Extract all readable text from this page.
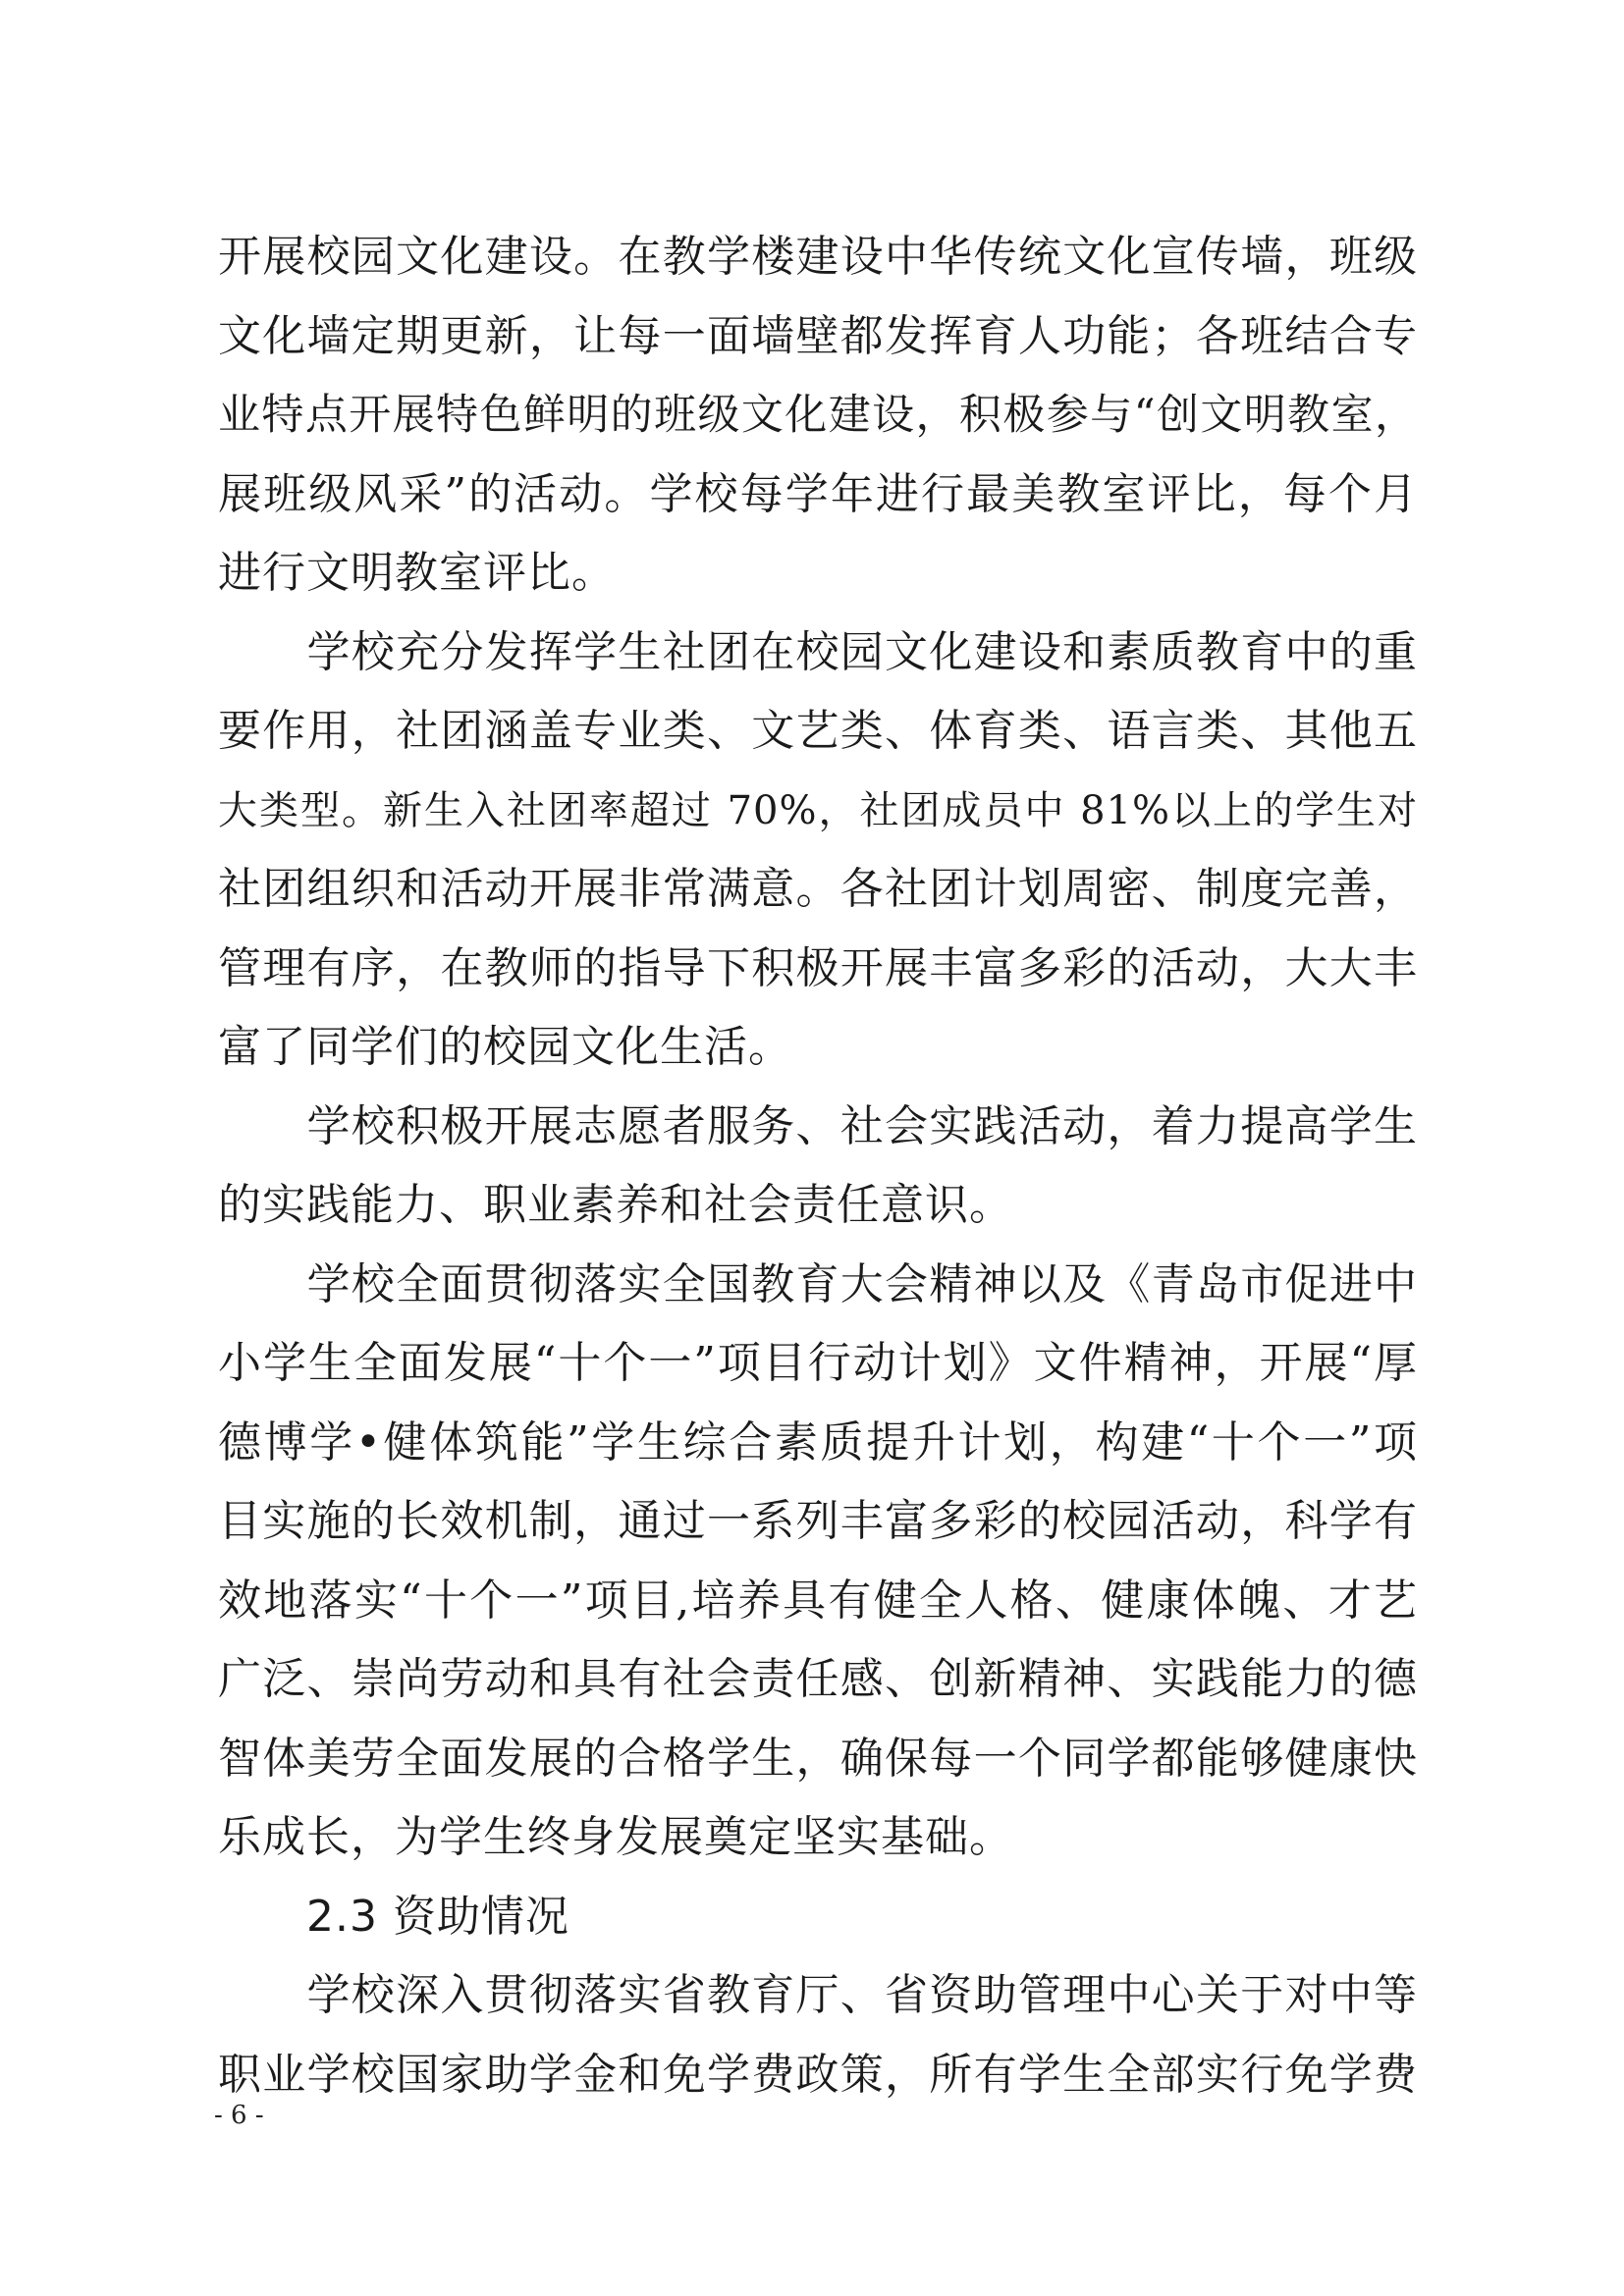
开展校园文化建设。在教学楼建设中华传统文化宣传墙，班级
文化墙定期更新，让每一面墙壁都发挥育人功能；各班结合专
业特点开展特色鲜明的班级文化建设，积极参与“创文明教室，
展班级风采”的活动。学校每学年进行最美教室评比，每个月
进行文明教室评比。
　　学校充分发挥学生社团在校园文化建设和素质教育中的重
要作用，社团涵盖专业类、文艺类、体育类、语言类、其他五
大类型。新生入社团率超过 70%，社团成员中 81%以上的学生对
社团组织和活动开展非常满意。各社团计划周密、制度完善，
管理有序，在教师的指导下积极开展丰富多彩的活动，大大丰
富了同学们的校园文化生活。
　　学校积极开展志愿者服务、社会实践活动，着力提高学生
的实践能力、职业素养和社会责任意识。
　　学校全面贯彻落实全国教育大会精神以及《青岛市促进中
小学生全面发展“十个一”项目行动计划》文件精神，开展“厚
德博学•健体筑能”学生综合素质提升计划，构建“十个一”项
目实施的长效机制，通过一系列丰富多彩的校园活动，科学有
效地落实“十个一”项目,培养具有健全人格、健康体魄、才艺
广泛、崇尚劳动和具有社会责任感、创新精神、实践能力的德
智体美劳全面发展的合格学生，确保每一个同学都能够健康快
乐成长，为学生终身发展奠定坚实基础。
　　2.3 资助情况
　　学校深入贯彻落实省教育厅、省资助管理中心关于对中等
职业学校国家助学金和免学费政策，所有学生全部实行免学费
- 6 -
